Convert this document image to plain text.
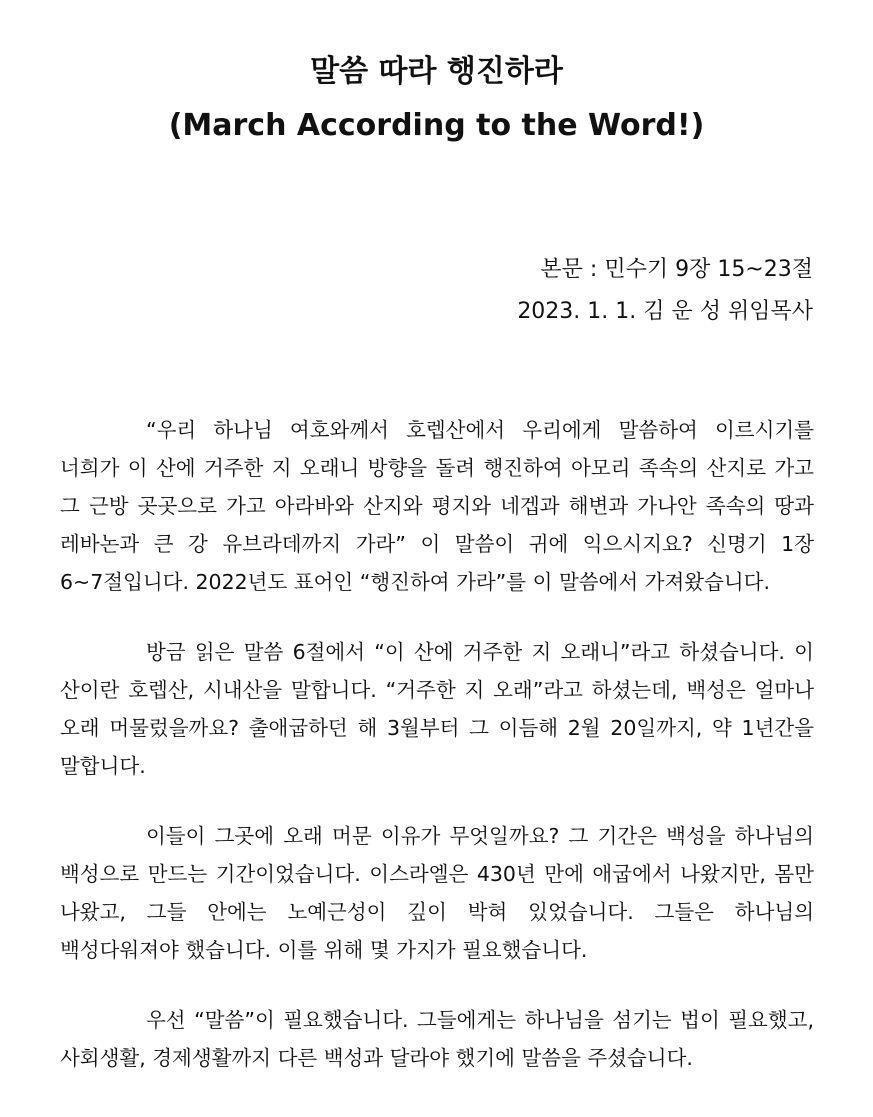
말씀 따라 행진하라
(March According to the Word!)
본문 : 민수기 9장 15~23절
2023. 1. 1. 김 운 성 위임목사

“우리 하나님 여호와께서 호렙산에서 우리에게 말씀하여 이르시기를 너희가 이 산에 거주한 지 오래니 방향을 돌려 행진하여 아모리 족속의 산지로 가고 그 근방 곳곳으로 가고 아라바와 산지와 평지와 네겝과 해변과 가나안 족속의 땅과 레바논과 큰 강 유브라데까지 가라” 이 말씀이 귀에 익으시지요? 신명기 1장 6~7절입니다. 2022년도 표어인 “행진하여 가라”를 이 말씀에서 가져왔습니다.

방금 읽은 말씀 6절에서 “이 산에 거주한 지 오래니”라고 하셨습니다. 이 산이란 호렙산, 시내산을 말합니다. “거주한 지 오래”라고 하셨는데, 백성은 얼마나 오래 머물렀을까요? 출애굽하던 해 3월부터 그 이듬해 2월 20일까지, 약 1년간을 말합니다.

이들이 그곳에 오래 머문 이유가 무엇일까요? 그 기간은 백성을 하나님의 백성으로 만드는 기간이었습니다. 이스라엘은 430년 만에 애굽에서 나왔지만, 몸만 나왔고, 그들 안에는 노예근성이 깊이 박혀 있었습니다. 그들은 하나님의 백성다워져야 했습니다. 이를 위해 몇 가지가 필요했습니다.

우선 “말씀”이 필요했습니다. 그들에게는 하나님을 섬기는 법이 필요했고, 사회생활, 경제생활까지 다른 백성과 달라야 했기에 말씀을 주셨습니다.
